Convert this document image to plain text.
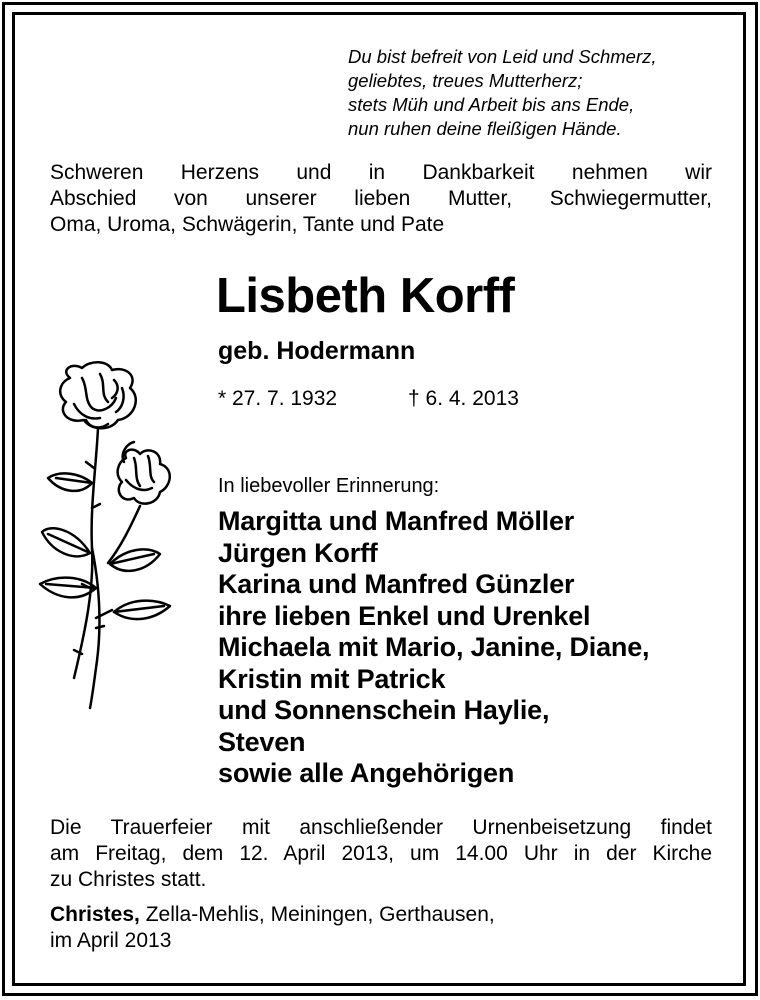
Du bist befreit von Leid und Schmerz,
geliebtes, treues Mutterherz;
stets Müh und Arbeit bis ans Ende,
nun ruhen deine fleißigen Hände.
Schweren Herzens und in Dankbarkeit nehmen wir
Abschied von unserer lieben Mutter, Schwiegermutter,
Oma, Uroma, Schwägerin, Tante und Pate
Lisbeth Korff
geb. Hodermann
* 27. 7. 1932	† 6. 4. 2013
In liebevoller Erinnerung:
Margitta und Manfred Möller
Jürgen Korff
Karina und Manfred Günzler
ihre lieben Enkel und Urenkel
Michaela mit Mario, Janine, Diane,
Kristin mit Patrick
und Sonnenschein Haylie,
Steven
sowie alle Angehörigen
Die Trauerfeier mit anschließender Urnenbeisetzung findet
am Freitag, dem 12. April 2013, um 14.00 Uhr in der Kirche
zu Christes statt.
Christes, Zella-Mehlis, Meiningen, Gerthausen,
im April 2013
